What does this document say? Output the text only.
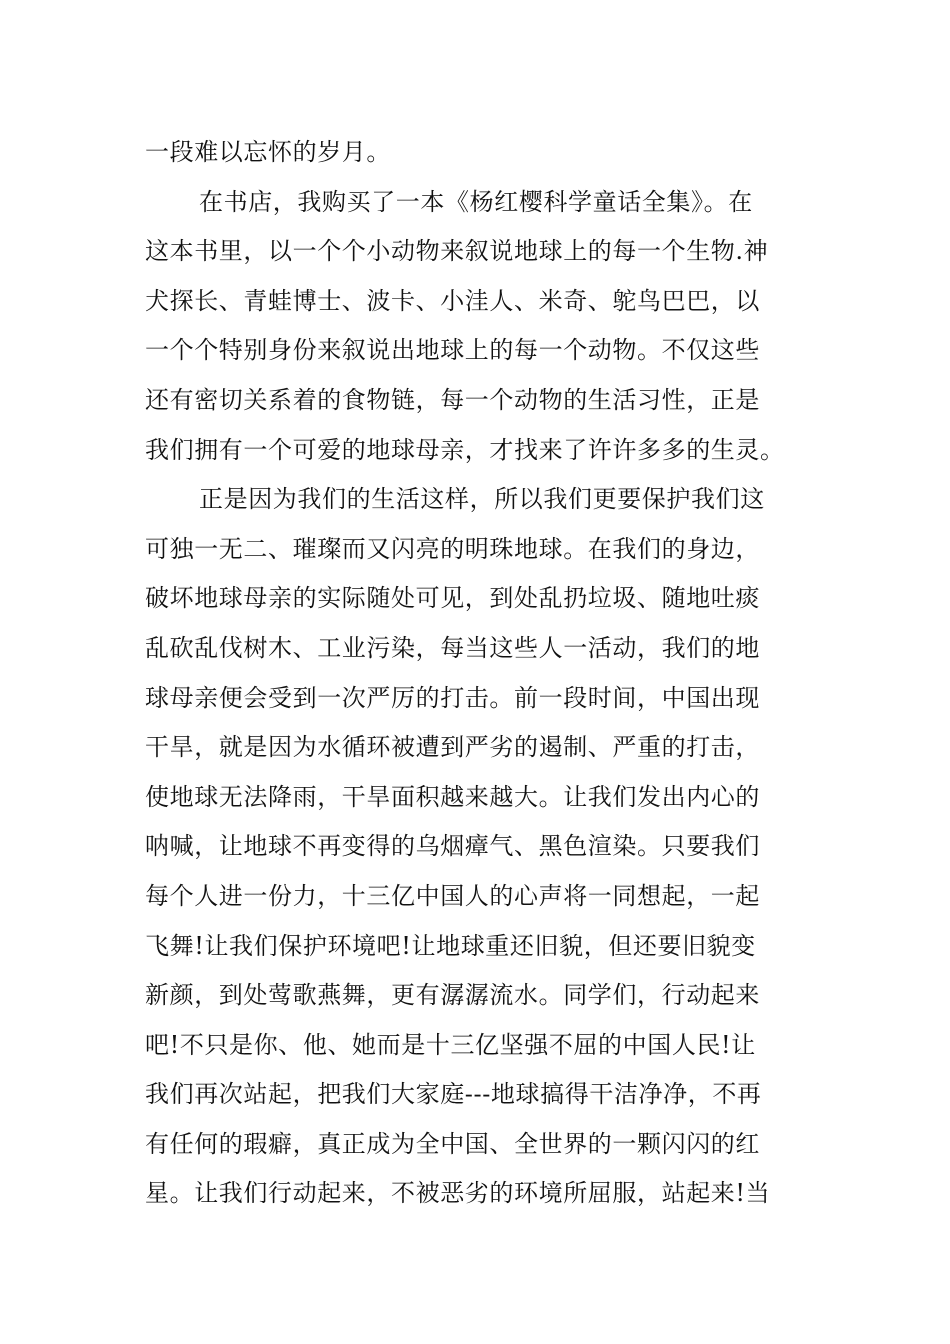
一段难以忘怀的岁月。
在书店，我购买了一本《杨红樱科学童话全集》。在
这本书里，以一个个小动物来叙说地球上的每一个生物.神
犬探长、青蛙博士、波卡、小洼人、米奇、鸵鸟巴巴，以
一个个特别身份来叙说出地球上的每一个动物。不仅这些
还有密切关系着的食物链，每一个动物的生活习性，正是
我们拥有一个可爱的地球母亲，才找来了许许多多的生灵。
正是因为我们的生活这样，所以我们更要保护我们这
可独一无二、璀璨而又闪亮的明珠地球。在我们的身边，
破坏地球母亲的实际随处可见，到处乱扔垃圾、随地吐痰
乱砍乱伐树木、工业污染，每当这些人一活动，我们的地
球母亲便会受到一次严厉的打击。前一段时间，中国出现
干旱，就是因为水循环被遭到严劣的遏制、严重的打击，
使地球无法降雨，干旱面积越来越大。让我们发出内心的
呐喊，让地球不再变得的乌烟瘴气、黑色渲染。只要我们
每个人进一份力，十三亿中国人的心声将一同想起，一起
飞舞!让我们保护环境吧!让地球重还旧貌，但还要旧貌变
新颜，到处莺歌燕舞，更有潺潺流水。同学们，行动起来
吧!不只是你、他、她而是十三亿坚强不屈的中国人民!让
我们再次站起，把我们大家庭---地球搞得干洁净净，不再
有任何的瑕癖，真正成为全中国、全世界的一颗闪闪的红
星。让我们行动起来，不被恶劣的环境所屈服，站起来!当
